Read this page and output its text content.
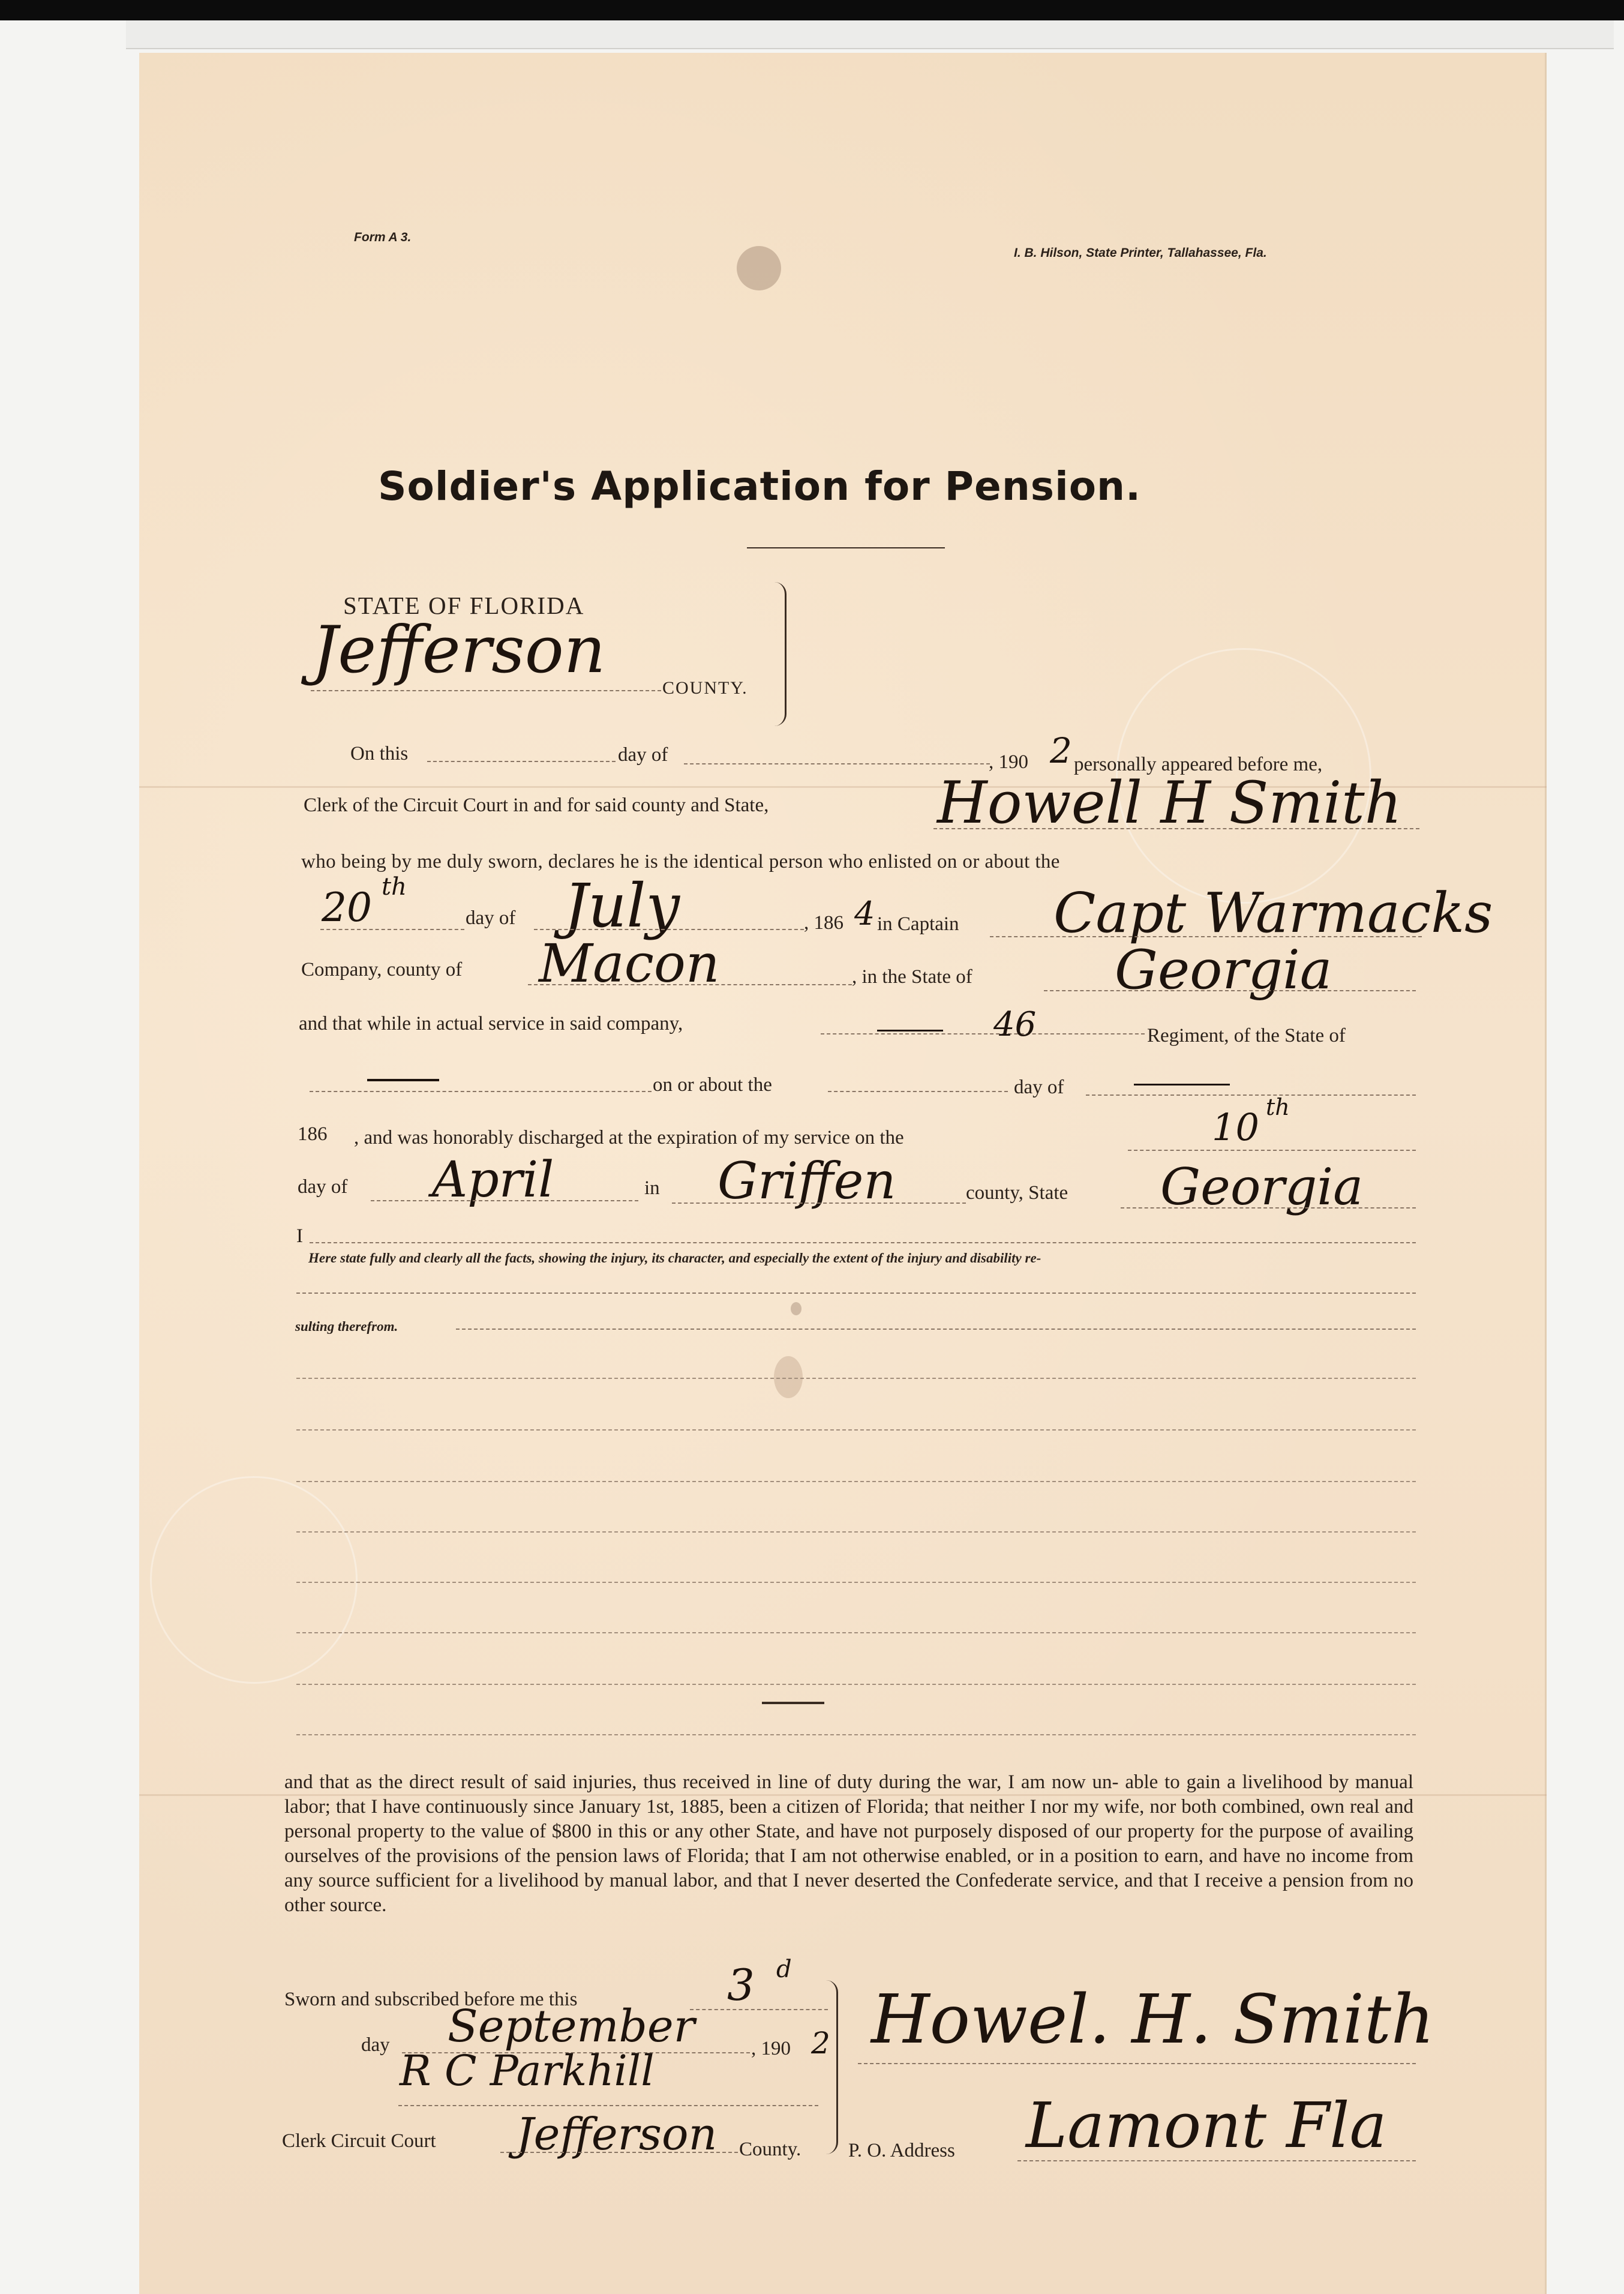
Form A 3.
I. B. Hilson, State Printer, Tallahassee, Fla.
Soldier's Application for Pension.
STATE OF FLORIDA
Jefferson
COUNTY.
On this	day of	, 190 2 personally appeared before me,
Clerk of the Circuit Court in and for said county and State,	Howell H Smith
who being by me duly sworn, declares he is the identical person who enlisted on or about the
20 th
day of July	, 186 4 in Captain Capt Warmacks
Company, county of Macon	, in the State of	Georgia
and that while in actual service in said company,	46	Regiment, of the State of
on or about the	day of
186 , and was honorably discharged at the expiration of my service on the	10 th
day of April	in Griffen	county, State Georgia
I
Here state fully and clearly all the facts, showing the injury, its character, and especially the extent of the injury and disability re-
sulting therefrom.
and that as the direct result of said injuries, thus received in line of duty during the war, I am now un- able to gain a livelihood by manual labor; that I have continuously since January 1st, 1885, been a citizen of Florida; that neither I nor my wife, nor both combined, own real and personal property to the value of $800 in this or any other State, and have not purposely disposed of our property for the purpose of availing ourselves of the provisions of the pension laws of Florida; that I am not otherwise enabled, or in a position to earn, and have no income from any source sufficient for a livelihood by manual labor, and that I never deserted the Confederate service, and that I receive a pension from no other source.
Sworn and subscribed before me this	3 d
day September	, 190 2
R C Parkhill
Clerk Circuit Court Jefferson County.
Howel. H. Smith
P. O. Address Lamont Fla
